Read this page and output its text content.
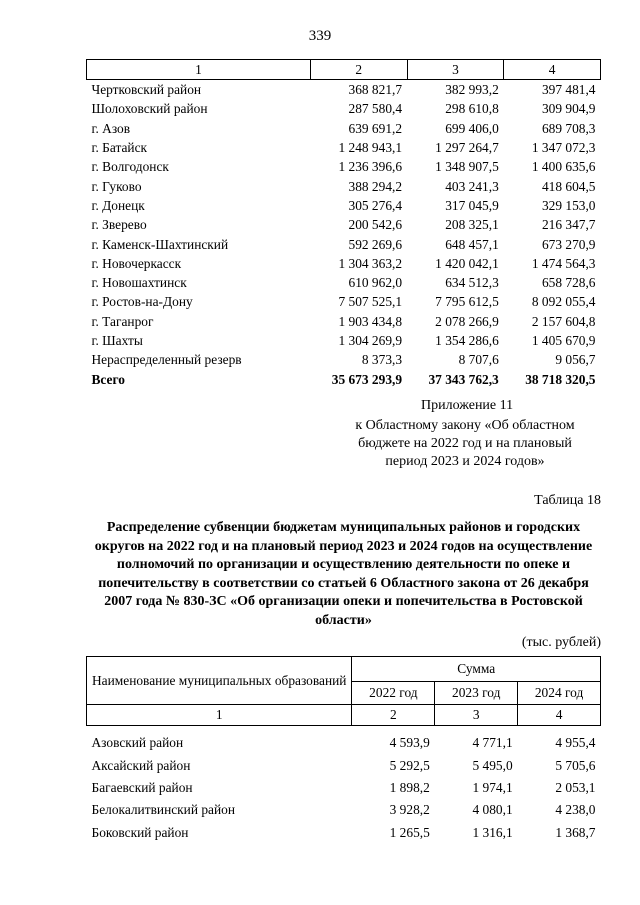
339
1	2	3	4
Чертковский район	368 821,7	382 993,2	397 481,4
Шолоховский район	287 580,4	298 610,8	309 904,9
г. Азов	639 691,2	699 406,0	689 708,3
г. Батайск	1 248 943,1	1 297 264,7	1 347 072,3
г. Волгодонск	1 236 396,6	1 348 907,5	1 400 635,6
г. Гуково	388 294,2	403 241,3	418 604,5
г. Донецк	305 276,4	317 045,9	329 153,0
г. Зверево	200 542,6	208 325,1	216 347,7
г. Каменск-Шахтинский	592 269,6	648 457,1	673 270,9
г. Новочеркасск	1 304 363,2	1 420 042,1	1 474 564,3
г. Новошахтинск	610 962,0	634 512,3	658 728,6
г. Ростов-на-Дону	7 507 525,1	7 795 612,5	8 092 055,4
г. Таганрог	1 903 434,8	2 078 266,9	2 157 604,8
г. Шахты	1 304 269,9	1 354 286,6	1 405 670,9
Нераспределенный резерв	8 373,3	8 707,6	9 056,7
Всего	35 673 293,9	37 343 762,3	38 718 320,5
Приложение 11
к Областному закону «Об областном
бюджете на 2022 год и на плановый
период 2023 и 2024 годов»
Таблица 18
Распределение субвенции бюджетам муниципальных районов и городских округов на 2022 год и на плановый период 2023 и 2024 годов на осуществление полномочий по организации и осуществлению деятельности по опеке и попечительству в соответствии со статьей 6 Областного закона от 26 декабря 2007 года № 830-ЗС «Об организации опеки и попечительства в Ростовской области»
(тыс. рублей)
Наименование муниципальных образований	Сумма		
	2022 год	2023 год	2024 год
1	2	3	4

Азовский район	4 593,9	4 771,1	4 955,4
Аксайский район	5 292,5	5 495,0	5 705,6
Багаевский район	1 898,2	1 974,1	2 053,1
Белокалитвинский район	3 928,2	4 080,1	4 238,0
Боковский район	1 265,5	1 316,1	1 368,7
